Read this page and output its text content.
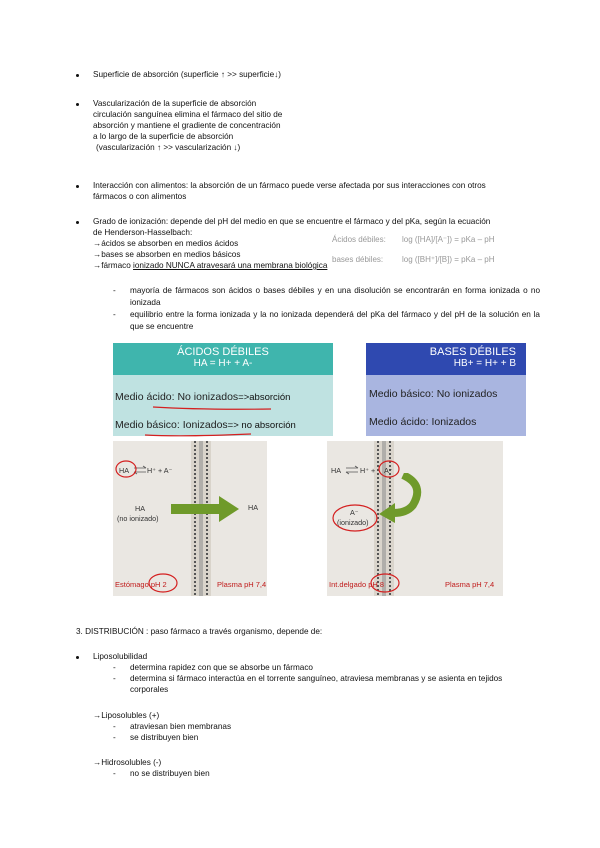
Superficie de absorción (superficie ↑ >> superficie↓)
Vascularización de la superficie de absorción
circulación sanguínea elimina el fármaco del sitio de
absorción y mantiene el gradiente de concentración
a lo largo de la superficie de absorción
(vascularización ↑ >> vascularización ↓)
Interacción con alimentos: la absorción de un fármaco puede verse afectada por sus interacciones con otros
fármacos o con alimentos
Grado de ionización: depende del pH del medio en que se encuentre el fármaco y del pKa, según la ecuación
de Henderson-Hasselbach:
→ácidos se absorben en medios ácidos
→bases se absorben en medios básicos
→fármaco ionizado NUNCA atravesará una membrana biológica
Ácidos débiles: log ([HA]/[A⁻]) = pKa – pH
bases débiles: log ([BH⁺]/[B]) = pKa – pH
- mayoría de fármacos son ácidos o bases débiles y en una disolución se encontrarán en forma ionizada o no ionizada
- equilibrio entre la forma ionizada y la no ionizada dependerá del pKa del fármaco y del pH de la solución en la que se encuentre
ÁCIDOS DÉBILES
HA = H+ + A-
Medio ácido: No ionizados=>absorción
Medio básico: Ionizados=> no absorción
BASES DÉBILES
HB+ = H+ + B
Medio básico: No ionizados
Medio ácido: Ionizados
HA ⇌ H⁺ + A⁻
HA
(no ionizado)
HA
Estómago pH 2	Plasma pH 7,4
HA ⇌ H⁺ + A⁻
A⁻
(ionizado)
Int.delgado pH 8	Plasma pH 7,4
3. DISTRIBUCIÓN : paso fármaco a través organismo, depende de:
Liposolubilidad
- determina rapidez con que se absorbe un fármaco
- determina si fármaco interactúa en el torrente sanguíneo, atraviesa membranas y se asienta en tejidos
corporales
→Liposolubles (+)
- atraviesan bien membranas
- se distribuyen bien
→Hidrosolubles (-)
- no se distribuyen bien
